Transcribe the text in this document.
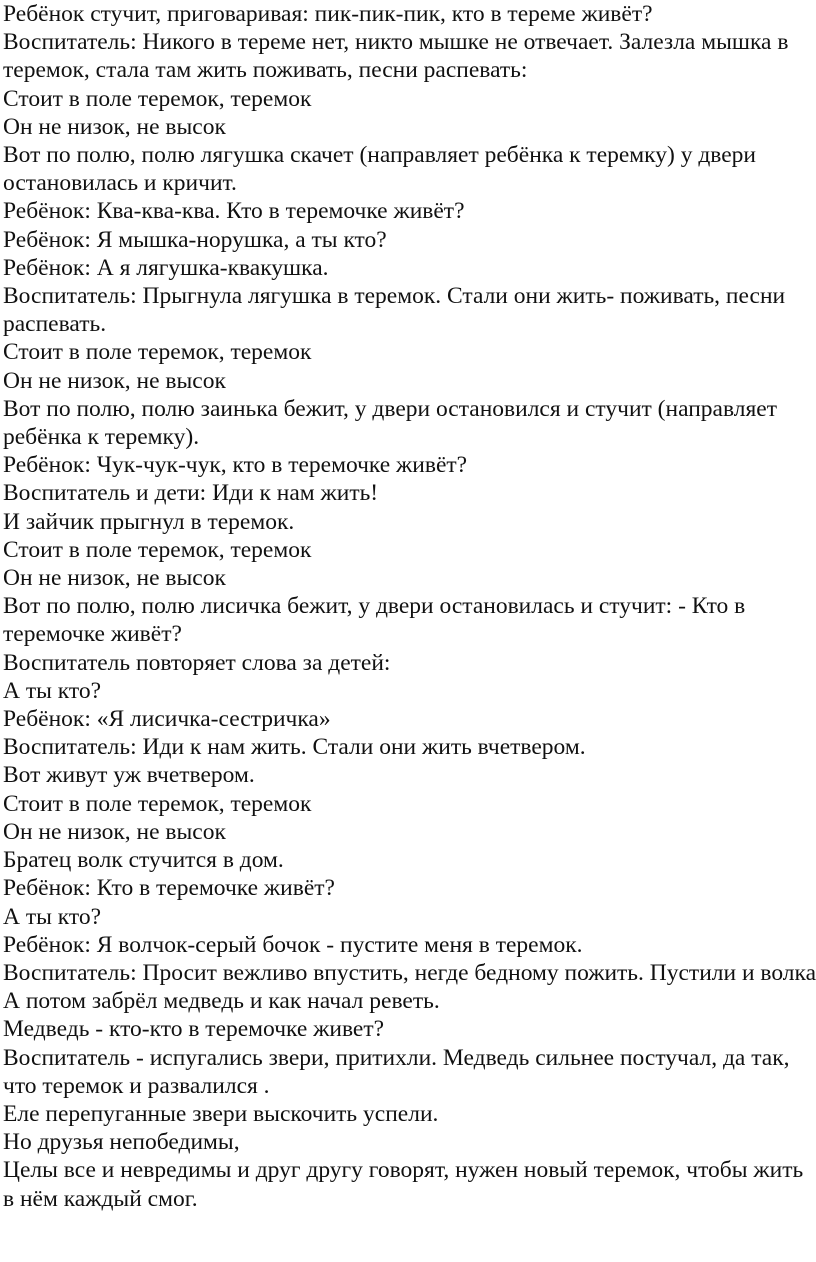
Ребёнок стучит, приговаривая: пик-пик-пик, кто в тереме живёт?

Воспитатель: Никого в тереме нет, никто мышке не отвечает. Залезла мышка в теремок, стала там жить поживать, песни распевать:

Стоит в поле теремок, теремок

Он не низок, не высок

Вот по полю, полю лягушка скачет (направляет ребёнка к теремку) у двери остановилась и кричит.

Ребёнок: Ква-ква-ква. Кто в теремочке живёт?

Ребёнок: Я мышка-норушка, а ты кто?

Ребёнок: А я лягушка-квакушка.

Воспитатель: Прыгнула лягушка в теремок. Стали они жить- поживать, песни распевать.

Стоит в поле теремок, теремок

Он не низок, не высок

Вот по полю, полю заинька бежит, у двери остановился и стучит (направляет ребёнка к теремку).

Ребёнок: Чук-чук-чук, кто в теремочке живёт?

Воспитатель и дети: Иди к нам жить!

И зайчик прыгнул в теремок.

Стоит в поле теремок, теремок

Он не низок, не высок

Вот по полю, полю лисичка бежит, у двери остановилась и стучит: - Кто в теремочке живёт?

Воспитатель повторяет слова за детей:

А ты кто?

Ребёнок: «Я лисичка-сестричка»

Воспитатель: Иди к нам жить. Стали они жить вчетвером.

Вот живут уж вчетвером.

Стоит в поле теремок, теремок

Он не низок, не высок

Братец волк стучится в дом.

Ребёнок: Кто в теремочке живёт?

А ты кто?

Ребёнок: Я волчок-серый бочок - пустите меня в теремок.

Воспитатель: Просит вежливо впустить, негде бедному пожить. Пустили и волка

А потом забрёл медведь и как начал реветь.

Медведь - кто-кто в теремочке живет?

Воспитатель - испугались звери, притихли. Медведь сильнее постучал, да так, что теремок и развалился .

Еле перепуганные звери выскочить успели.

Но друзья непобедимы,

Целы все и невредимы и друг другу говорят, нужен новый теремок, чтобы жить в нём каждый смог.
